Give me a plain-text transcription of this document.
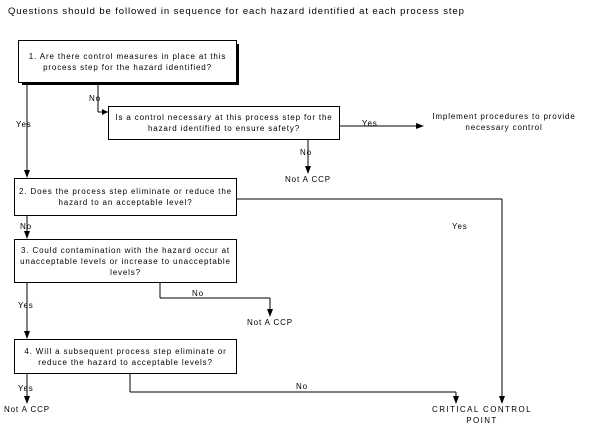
Questions should be followed in sequence for each hazard identified at each process step
1. Are there control measures in place at this process step for the hazard identified?
Is a control necessary at this process step for the hazard identified to ensure safety?
2. Does the process step eliminate or reduce the hazard to an acceptable level?
3. Could contamination with the hazard occur at unacceptable levels or increase to unacceptable levels?
4. Will a subsequent process step eliminate or reduce the hazard to acceptable levels?
Implement procedures to provide necessary control
Not A CCP
Not A CCP
Not A CCP	CRITICAL CONTROL POINT
No
Yes	Yes
No
No	Yes
Yes
No
Yes	No
